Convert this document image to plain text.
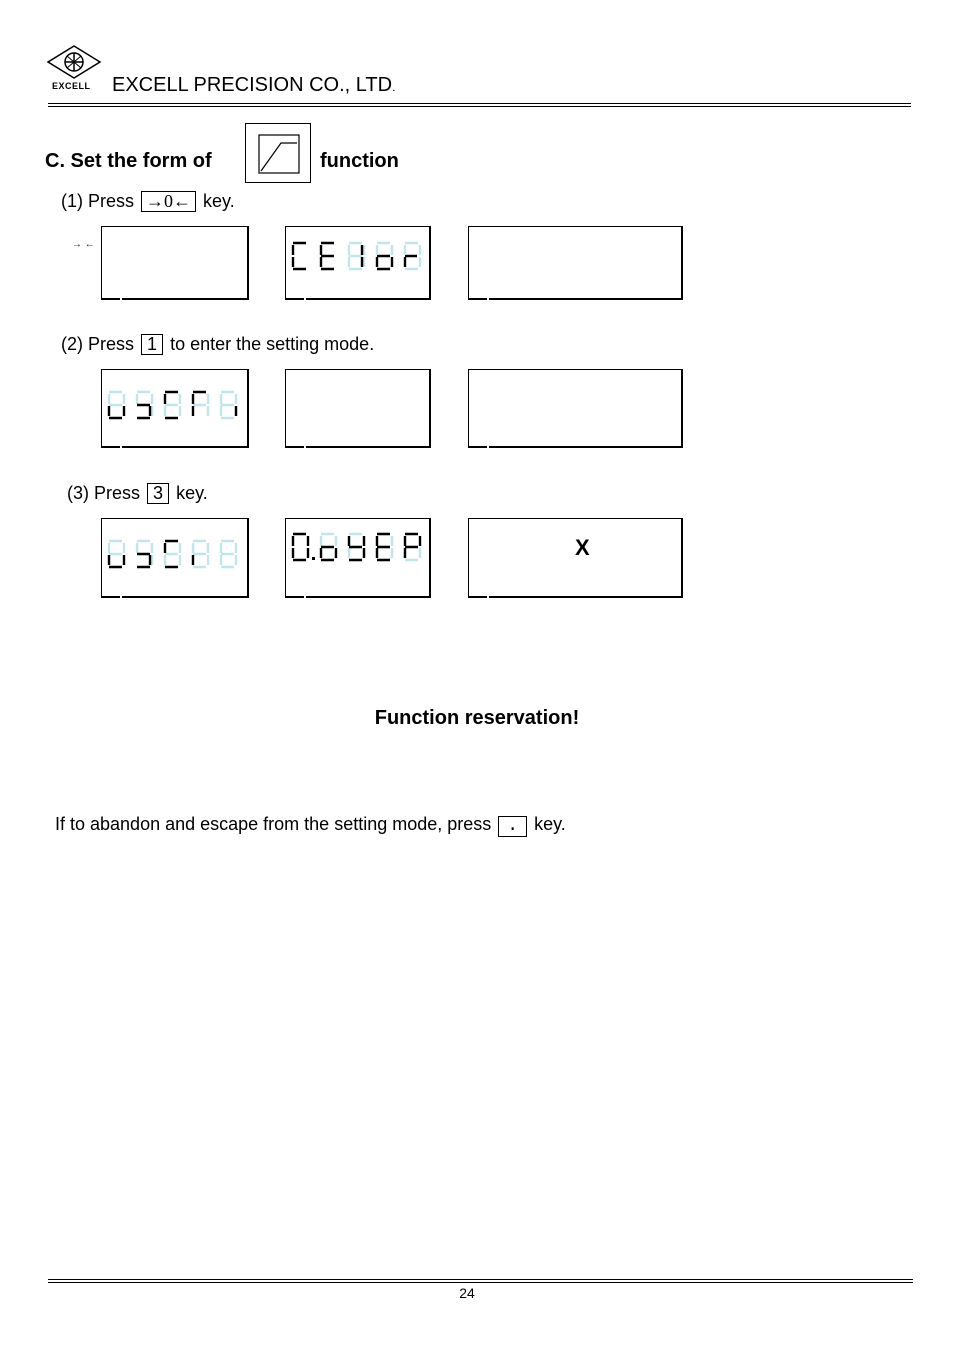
EXCELL EXCELL PRECISION CO., LTD.
C. Set the form of	function
(1) Press →0← key.
→ ←
(2) Press 1 to enter the setting mode.
(3) Press 3 key.
X
Function reservation!
If to abandon and escape from the setting mode, press . key.
24
